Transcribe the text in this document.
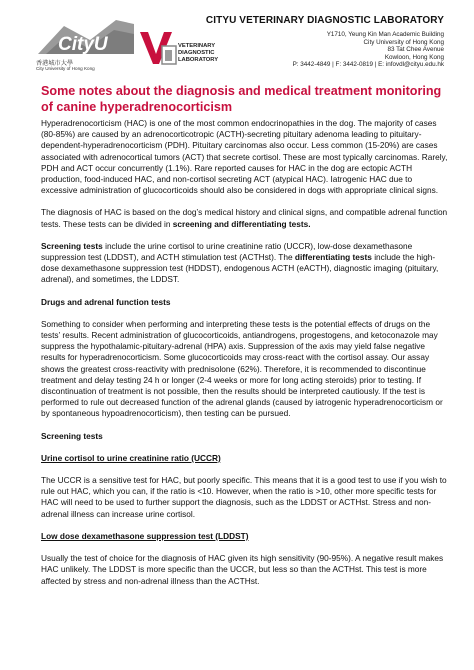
CityU
香港城市大學
City University of Hong Kong
VETERINARY
DIAGNOSTIC
LABORATORY
CITYU VETERINARY DIAGNOSTIC LABORATORY
Y1710, Yeung Kin Man Academic Building
City University of Hong Kong
83 Tat Chee Avenue
Kowloon, Hong Kong
P: 3442-4849 | F: 3442-0819 | E: infovdl@cityu.edu.hk
Some notes about the diagnosis and medical treatment monitoring of canine hyperadrenocorticism

Hyperadrenocorticism (HAC) is one of the most common endocrinopathies in the dog. The majority of cases (80-85%) are caused by an adrenocorticotropic (ACTH)-secreting pituitary adenoma leading to pituitary-dependent-hyperadrenocorticism (PDH). Pituitary carcinomas also occur. Less common (15-20%) are cases associated with adrenocortical tumors (ACT) that secrete cortisol. These are most typically carcinomas. Rarely, PDH and ACT occur concurrently (1.1%). Rare reported causes for HAC in the dog are ectopic ACTH production, food-induced HAC, and non-cortisol secreting ACT (atypical HAC). Iatrogenic HAC due to excessive administration of glucocorticoids should also be considered in dogs with appropriate clinical signs.

The diagnosis of HAC is based on the dog’s medical history and clinical signs, and compatible adrenal function tests. These tests can be divided in screening and differentiating tests.

Screening tests include the urine cortisol to urine creatinine ratio (UCCR), low-dose dexamethasone suppression test (LDDST), and ACTH stimulation test (ACTHst). The differentiating tests include the high-dose dexamethasone suppression test (HDDST), endogenous ACTH (eACTH), diagnostic imaging (pituitary, adrenal), and sometimes, the LDDST.

Drugs and adrenal function tests

Something to consider when performing and interpreting these tests is the potential effects of drugs on the tests’ results. Recent administration of glucocorticoids, antiandrogens, progestogens, and ketoconazole may suppress the hypothalamic-pituitary-adrenal (HPA) axis. Suppression of the axis may yield false negative results for hyperadrenocorticism. Some glucocorticoids may cross-react with the cortisol assay. Our assay shows the greatest cross-reactivity with prednisolone (62%). Therefore, it is recommended to discontinue treatment and delay testing 24 h or longer (2-4 weeks or more for long acting steroids) prior to testing. If discontinuation of treatment is not possible, then the results should be interpreted cautiously. If the test is performed to rule out decreased function of the adrenal glands (caused by iatrogenic hyperadrenocorticism or by spontaneous hypoadrenocorticism), then testing can be pursued.

Screening tests
Urine cortisol to urine creatinine ratio (UCCR)

The UCCR is a sensitive test for HAC, but poorly specific. This means that it is a good test to use if you wish to rule out HAC, which you can, if the ratio is <10. However, when the ratio is >10, other more specific tests for HAC will need to be used to further support the diagnosis, such as the LDDST or ACTHst. Stress and non-adrenal illness can increase urine cortisol.

Low dose dexamethasone suppression test (LDDST)

Usually the test of choice for the diagnosis of HAC given its high sensitivity (90-95%). A negative result makes HAC unlikely. The LDDST is more specific than the UCCR, but less so than the ACTHst. This test is more affected by stress and non-adrenal illness than the ACTHst.
